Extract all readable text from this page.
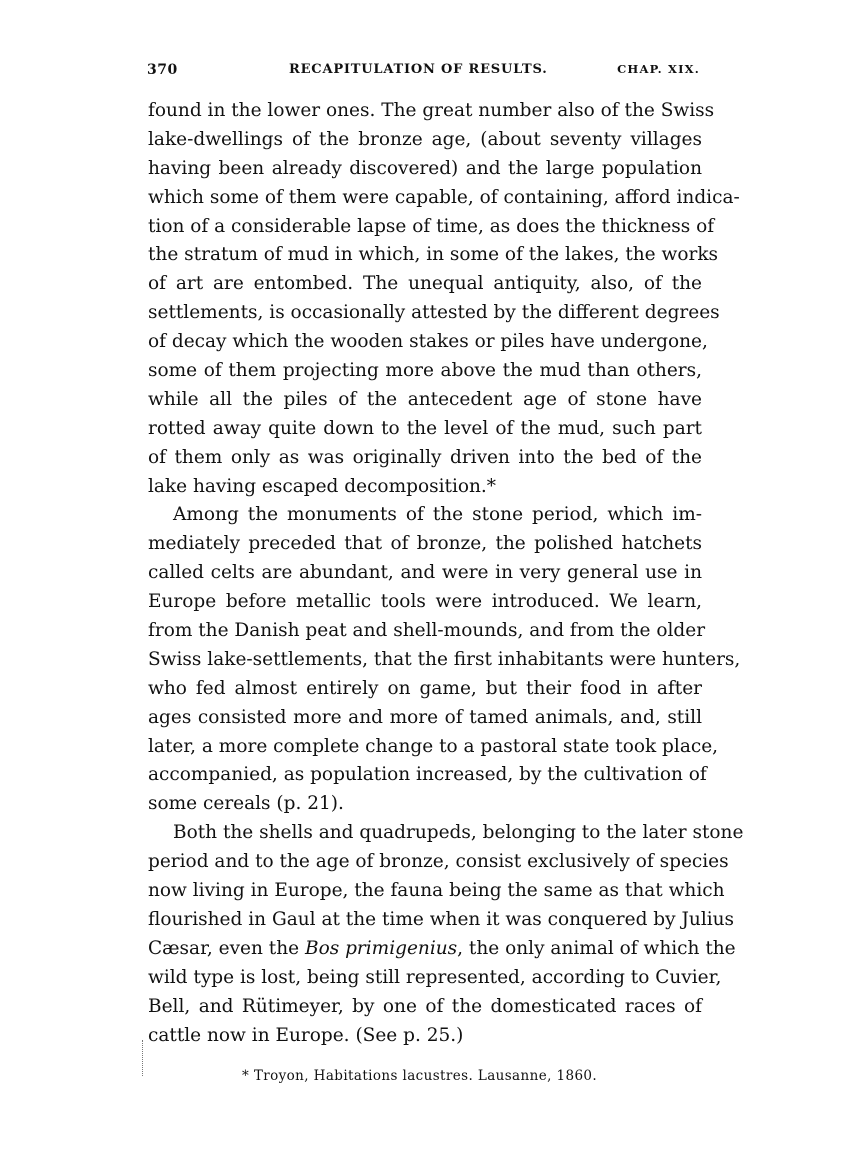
370	RECAPITULATION OF RESULTS.	CHAP. XIX.
found in the lower ones. The great number also of the Swiss
lake-dwellings of the bronze age, (about seventy villages
having been already discovered) and the large population
which some of them were capable, of containing, afford indica-
tion of a considerable lapse of time, as does the thickness of
the stratum of mud in which, in some of the lakes, the works
of art are entombed. The unequal antiquity, also, of the
settlements, is occasionally attested by the different degrees
of decay which the wooden stakes or piles have undergone,
some of them projecting more above the mud than others,
while all the piles of the antecedent age of stone have
rotted away quite down to the level of the mud, such part
of them only as was originally driven into the bed of the
lake having escaped decomposition.*
Among the monuments of the stone period, which im-
mediately preceded that of bronze, the polished hatchets
called celts are abundant, and were in very general use in
Europe before metallic tools were introduced. We learn,
from the Danish peat and shell-mounds, and from the older
Swiss lake-settlements, that the first inhabitants were hunters,
who fed almost entirely on game, but their food in after
ages consisted more and more of tamed animals, and, still
later, a more complete change to a pastoral state took place,
accompanied, as population increased, by the cultivation of
some cereals (p. 21).
Both the shells and quadrupeds, belonging to the later stone
period and to the age of bronze, consist exclusively of species
now living in Europe, the fauna being the same as that which
flourished in Gaul at the time when it was conquered by Julius
Cæsar, even the Bos primigenius, the only animal of which the
wild type is lost, being still represented, according to Cuvier,
Bell, and Rütimeyer, by one of the domesticated races of
cattle now in Europe. (See p. 25.)
* Troyon, Habitations lacustres. Lausanne, 1860.
